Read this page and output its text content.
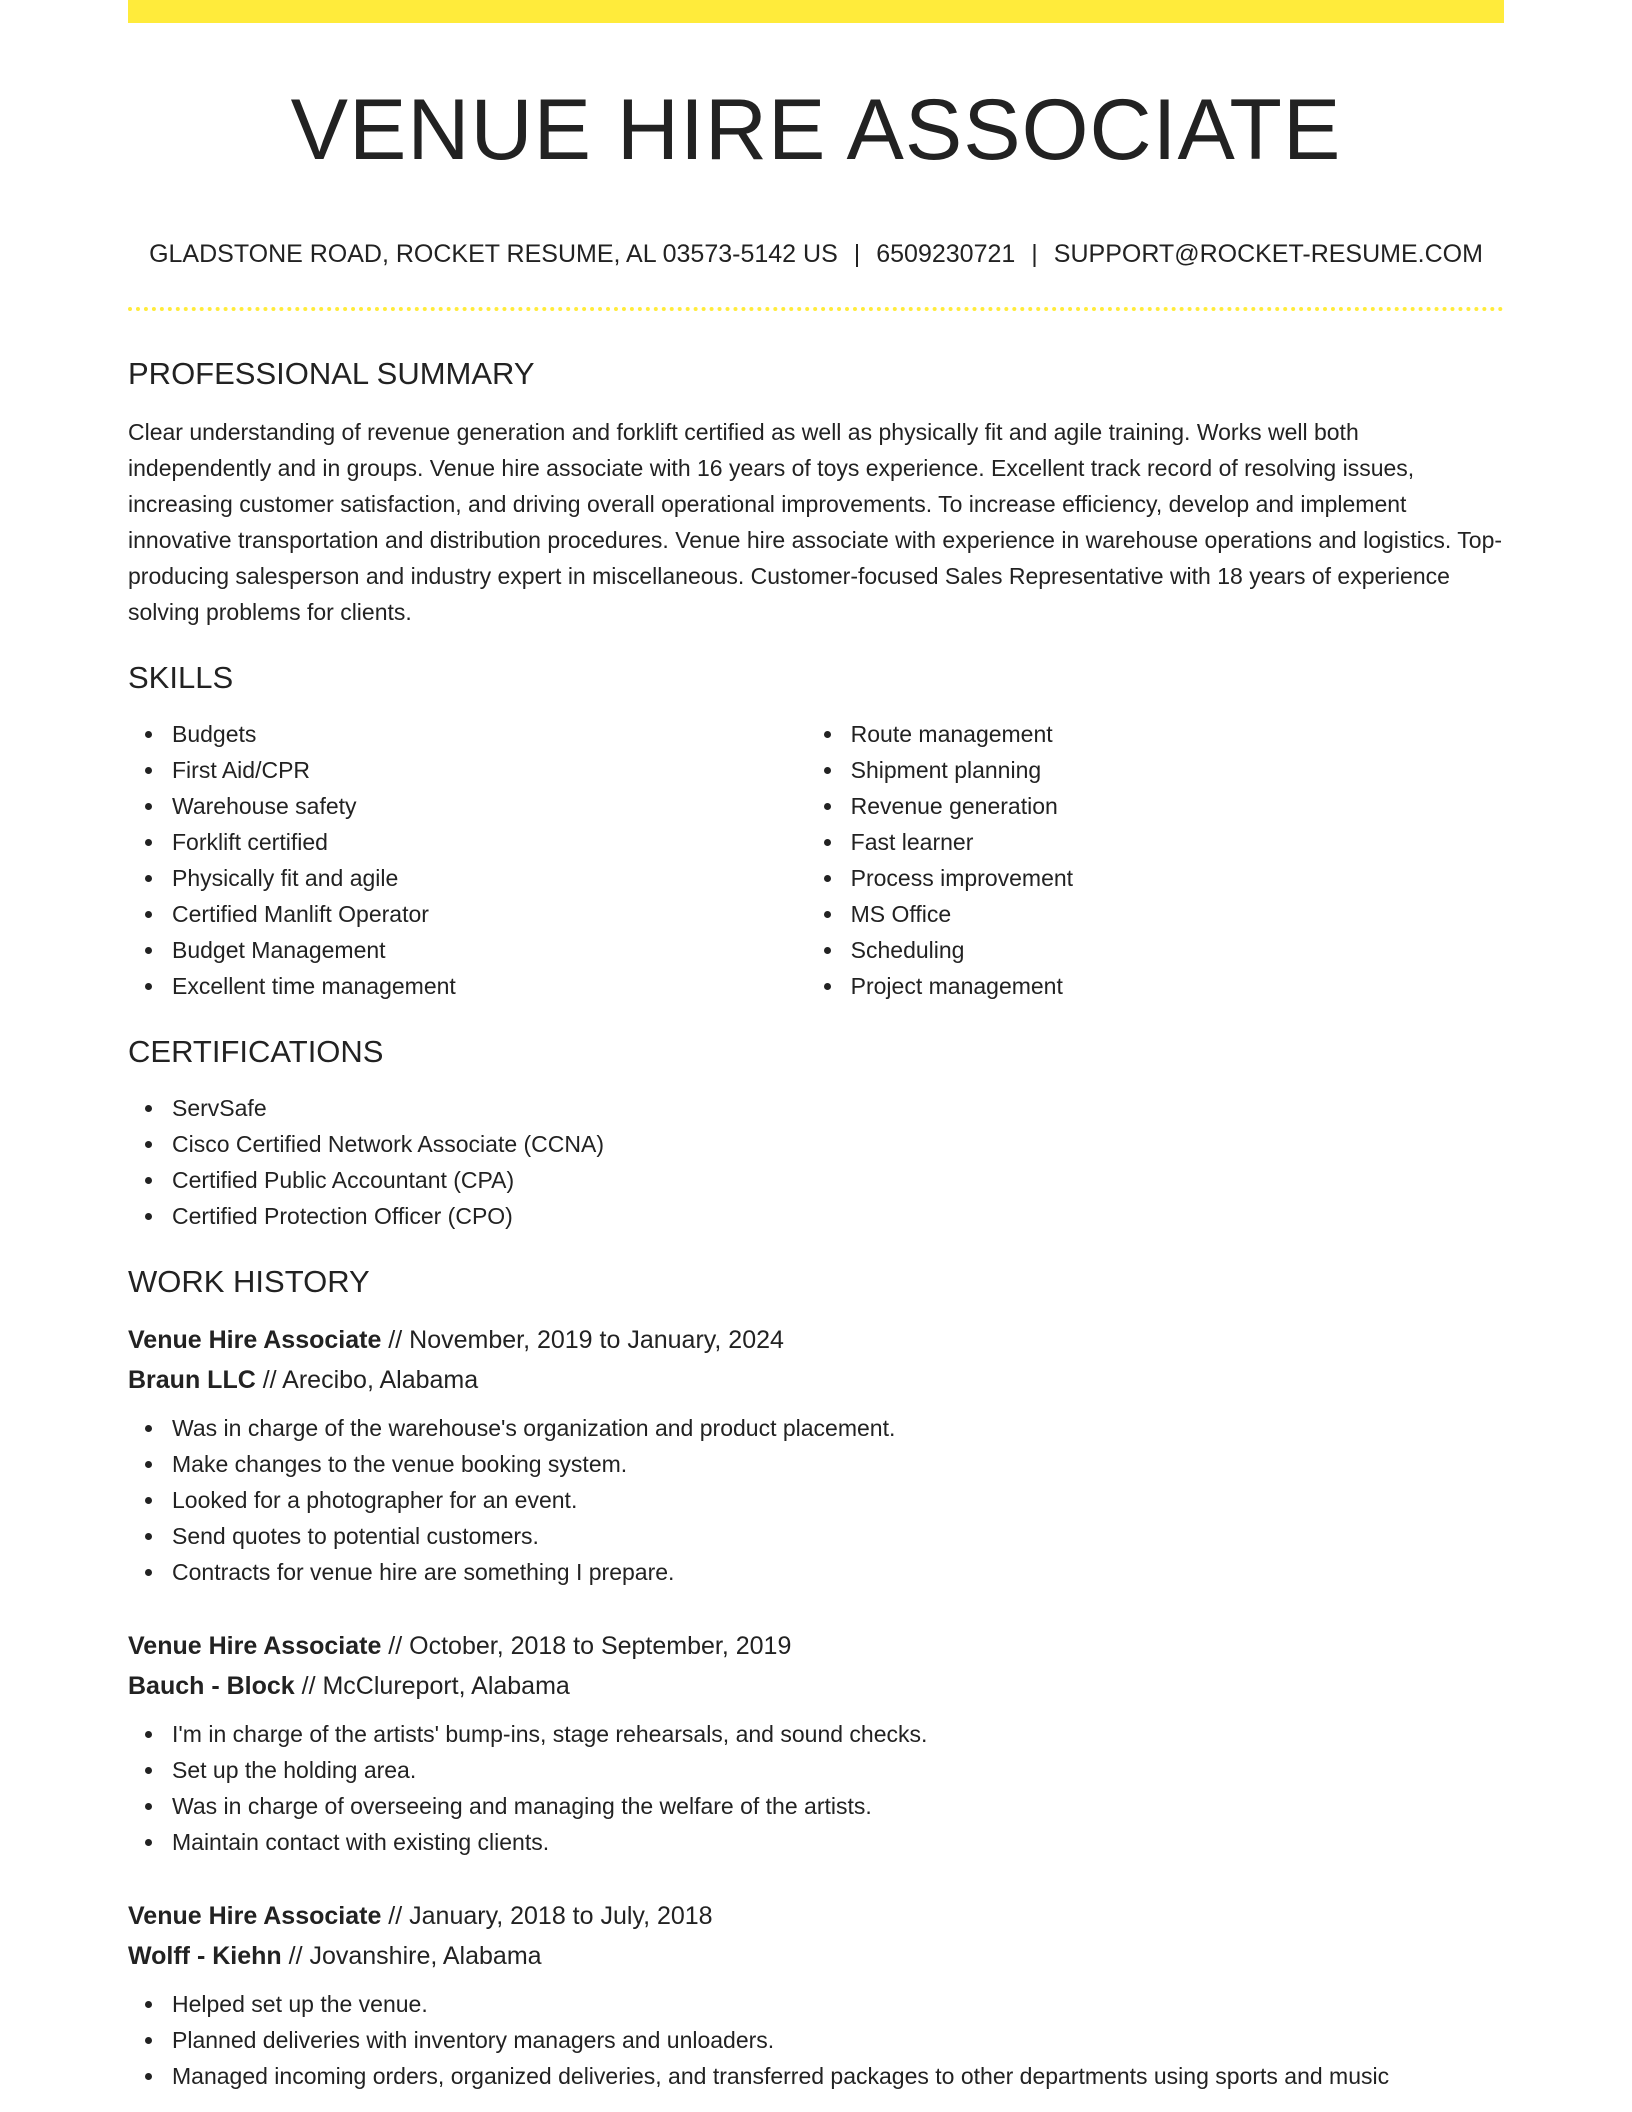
VENUE HIRE ASSOCIATE
GLADSTONE ROAD, ROCKET RESUME, AL 03573-5142 US | 6509230721 | SUPPORT@ROCKET-RESUME.COM
PROFESSIONAL SUMMARY

Clear understanding of revenue generation and forklift certified as well as physically fit and agile training. Works well both independently and in groups. Venue hire associate with 16 years of toys experience. Excellent track record of resolving issues, increasing customer satisfaction, and driving overall operational improvements. To increase efficiency, develop and implement innovative transportation and distribution procedures. Venue hire associate with experience in warehouse operations and logistics. Top-producing salesperson and industry expert in miscellaneous. Customer-focused Sales Representative with 18 years of experience solving problems for clients.

SKILLS
Budgets
First Aid/CPR
Warehouse safety
Forklift certified
Physically fit and agile
Certified Manlift Operator
Budget Management
Excellent time management
Route management
Shipment planning
Revenue generation
Fast learner
Process improvement
MS Office
Scheduling
Project management
CERTIFICATIONS
ServSafe
Cisco Certified Network Associate (CCNA)
Certified Public Accountant (CPA)
Certified Protection Officer (CPO)
WORK HISTORY
Venue Hire Associate // November, 2019 to January, 2024
Braun LLC // Arecibo, Alabama
Was in charge of the warehouse's organization and product placement.
Make changes to the venue booking system.
Looked for a photographer for an event.
Send quotes to potential customers.
Contracts for venue hire are something I prepare.
Venue Hire Associate // October, 2018 to September, 2019
Bauch - Block // McClureport, Alabama
I'm in charge of the artists' bump-ins, stage rehearsals, and sound checks.
Set up the holding area.
Was in charge of overseeing and managing the welfare of the artists.
Maintain contact with existing clients.
Venue Hire Associate // January, 2018 to July, 2018
Wolff - Kiehn // Jovanshire, Alabama
Helped set up the venue.
Planned deliveries with inventory managers and unloaders.
Managed incoming orders, organized deliveries, and transferred packages to other departments using sports and music
